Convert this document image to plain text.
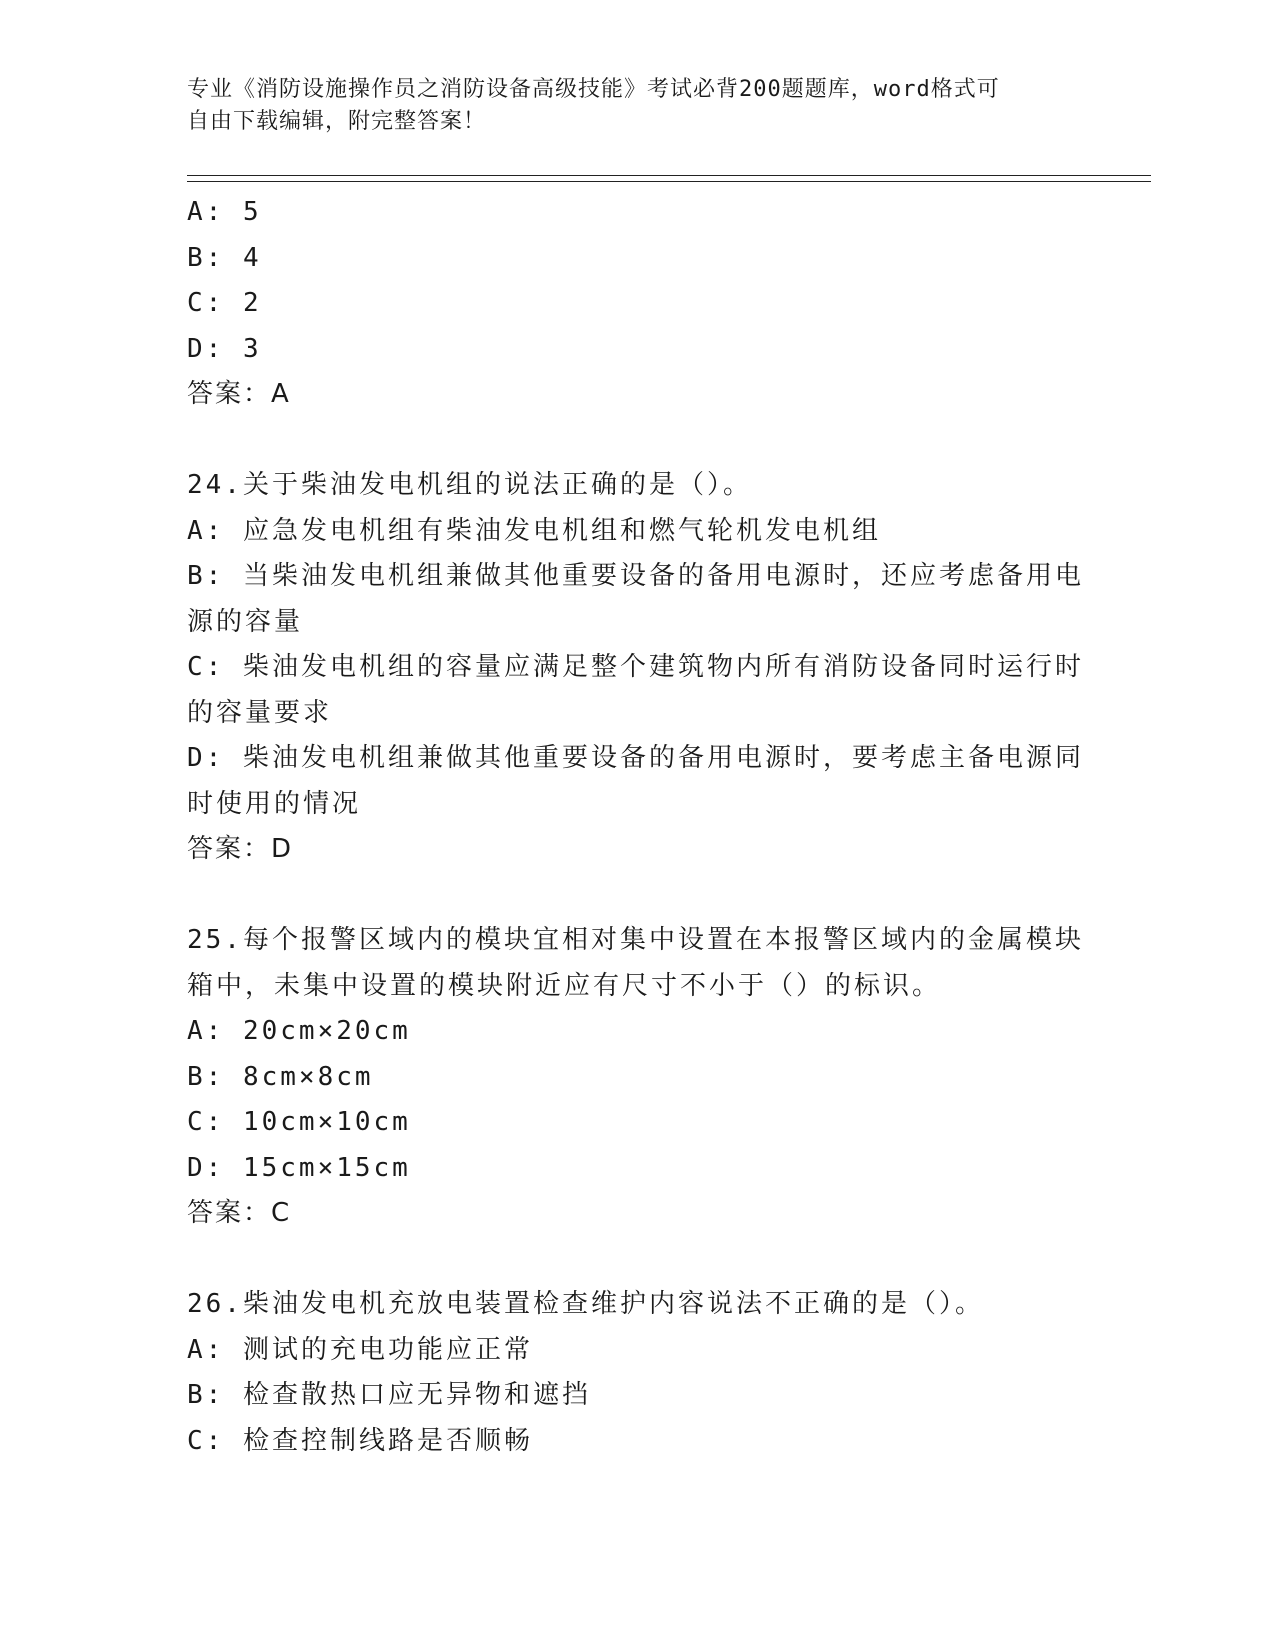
专业《消防设施操作员之消防设备高级技能》考试必背200题题库，word格式可
自由下载编辑，附完整答案！
A: 5
B: 4
C: 2
D: 3
答案：A
24.关于柴油发电机组的说法正确的是（）。
A: 应急发电机组有柴油发电机组和燃气轮机发电机组
B: 当柴油发电机组兼做其他重要设备的备用电源时，还应考虑备用电
源的容量
C: 柴油发电机组的容量应满足整个建筑物内所有消防设备同时运行时
的容量要求
D: 柴油发电机组兼做其他重要设备的备用电源时，要考虑主备电源同
时使用的情况
答案：D
25.每个报警区域内的模块宜相对集中设置在本报警区域内的金属模块
箱中，未集中设置的模块附近应有尺寸不小于（）的标识。
A: 20cm×20cm
B: 8cm×8cm
C: 10cm×10cm
D: 15cm×15cm
答案：C
26.柴油发电机充放电装置检查维护内容说法不正确的是（）。
A: 测试的充电功能应正常
B: 检查散热口应无异物和遮挡
C: 检查控制线路是否顺畅
